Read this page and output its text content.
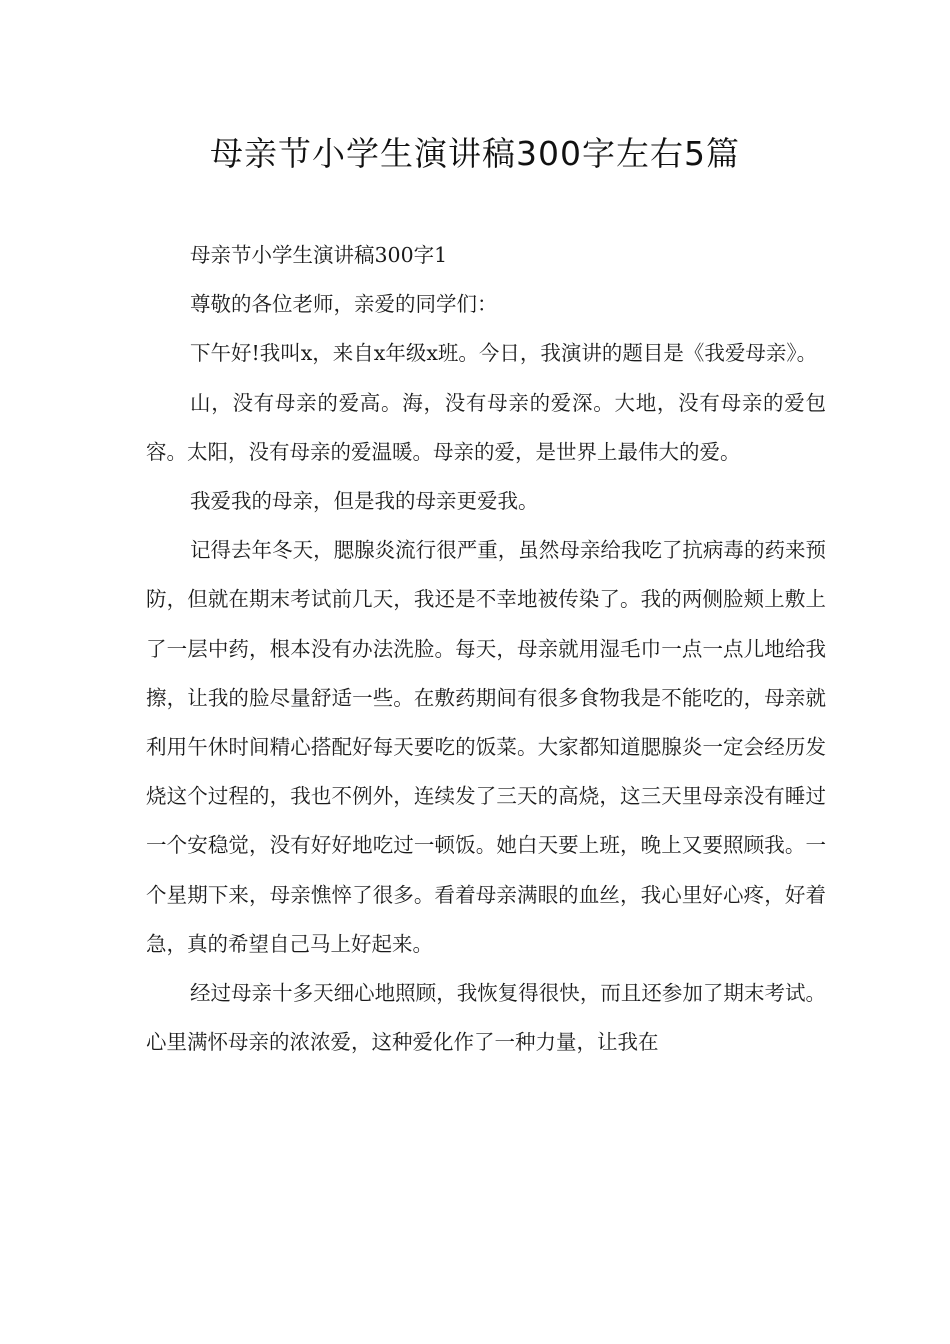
母亲节小学生演讲稿300字左右5篇

母亲节小学生演讲稿300字1

尊敬的各位老师，亲爱的同学们：

下午好!我叫x，来自x年级x班。今日，我演讲的题目是《我爱母亲》。

山，没有母亲的爱高。海，没有母亲的爱深。大地，没有母亲的爱包容。太阳，没有母亲的爱温暖。母亲的爱，是世界上最伟大的爱。

我爱我的母亲，但是我的母亲更爱我。

记得去年冬天，腮腺炎流行很严重，虽然母亲给我吃了抗病毒的药来预防，但就在期末考试前几天，我还是不幸地被传染了。我的两侧脸颊上敷上了一层中药，根本没有办法洗脸。每天，母亲就用湿毛巾一点一点儿地给我擦，让我的脸尽量舒适一些。在敷药期间有很多食物我是不能吃的，母亲就利用午休时间精心搭配好每天要吃的饭菜。大家都知道腮腺炎一定会经历发烧这个过程的，我也不例外，连续发了三天的高烧，这三天里母亲没有睡过一个安稳觉，没有好好地吃过一顿饭。她白天要上班，晚上又要照顾我。一个星期下来，母亲憔悴了很多。看着母亲满眼的血丝，我心里好心疼，好着急，真的希望自己马上好起来。

经过母亲十多天细心地照顾，我恢复得很快，而且还参加了期末考试。心里满怀母亲的浓浓爱，这种爱化作了一种力量，让我在
